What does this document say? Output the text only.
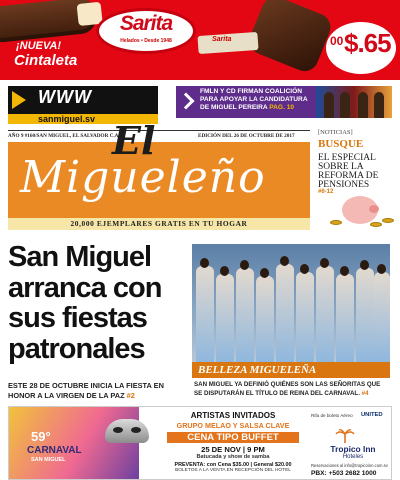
Sarita
Sarita
Helados • Desde 1948
¡NUEVA!
Cintaleta
00 $.65
WWW
sanmiguel.sv
FMLN Y CD FIRMAN COALICIÓN PARA APOYAR LA CANDIDATURA DE MIGUEL PEREIRA PAG. 10
AÑO 9 #160/SAN MIGUEL, EL SALVADOR C.A.	EDICIÓN DEL 26 DE OCTUBRE DE 2017
El
Migueleño
20,000 EJEMPLARES GRATIS EN TU HOGAR
[NOTICIAS]
BUSQUE
EL ESPECIAL SOBRE LA REFORMA DE PENSIONES
#6-12
San Miguel arranca con sus fiestas patronales
ESTE 28 DE OCTUBRE INICIA LA FIESTA EN HONOR A LA VIRGEN DE LA PAZ #2
BELLEZA MIGUELEÑA
SAN MIGUEL YA DEFINIÓ QUIÉNES SON LAS SEÑORITAS QUE SE DISPUTARÁN EL TÍTULO DE REINA DEL CARNAVAL. #4
59°
CARNAVAL
SAN MIGUEL
ARTISTAS INVITADOS
GRUPO MELAO Y SALSA CLAVE
CENA TIPO BUFFET
25 DE NOV | 9 PM
Batucada y show de samba
PREVENTA: con Cena $35.00 | General $20.00
BOLETOS A LA VENTA EN RECEPCIÓN DEL HOTEL
Rifa de boleto Aéreo	UNITED
Tropico Inn
Hoteles
Reservaciones al info@tropicoinn.com.sv
PBX: +503 2682 1000
